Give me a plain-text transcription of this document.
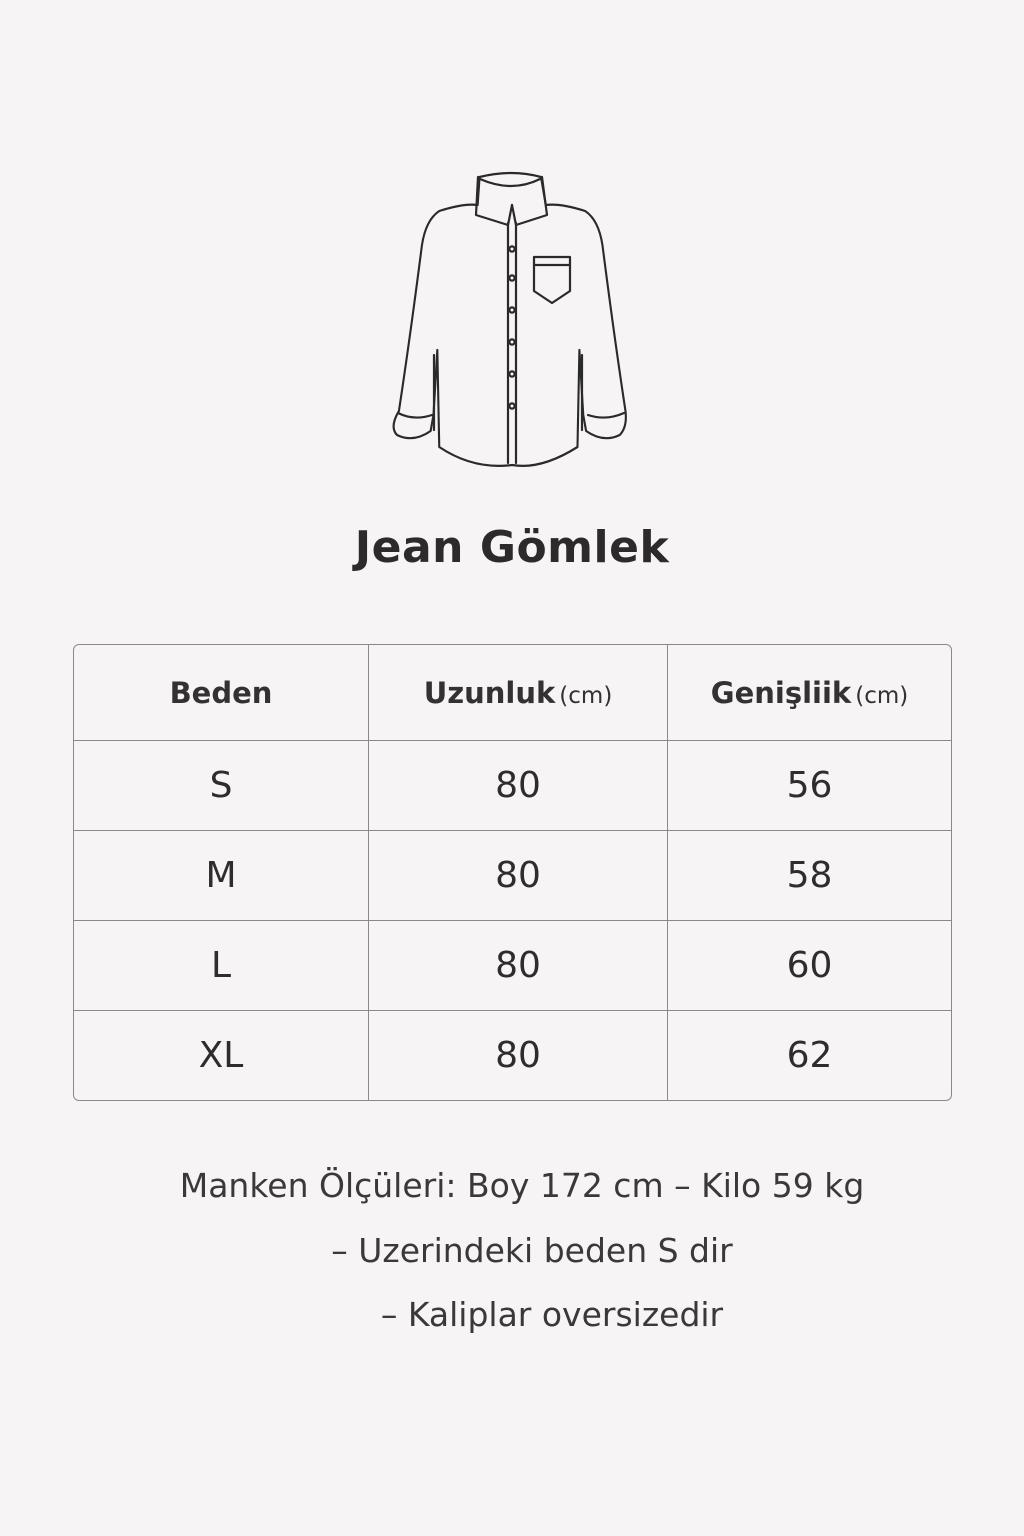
Jean Gömlek
Beden	Uzunluk (cm)	Genişliik (cm)
S	80	56
M	80	58
L	80	60
XL	80	62
Manken Ölçüleri: Boy 172 cm – Kilo 59 kg
– Uzerindeki beden S dir
– Kaliplar oversizedir
